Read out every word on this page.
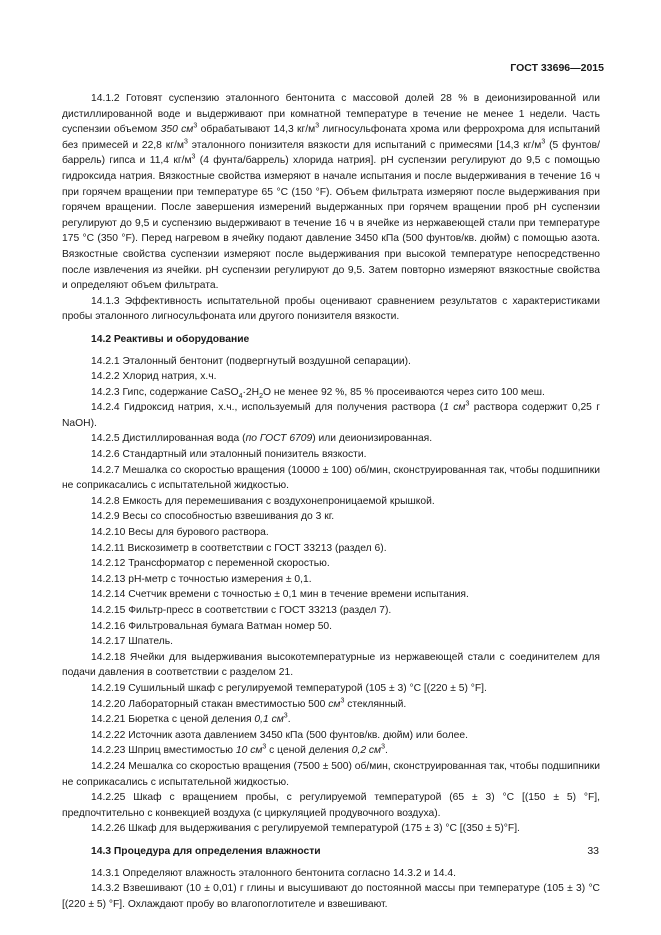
ГОСТ 33696—2015

14.1.2 Готовят суспензию эталонного бентонита с массовой долей 28 % в деионизированной или дистиллированной воде и выдерживают при комнатной температуре в течение не менее 1 недели. Часть суспензии объемом 350 $см^3$ обрабатывают 14,3 $кг/м^3$ лигносульфоната хрома или феррохрома для испытаний без примесей и 22,8 $кг/м^3$ эталонного понизителя вязкости для испытаний с примесями [14,3 $кг/м^3$ (5 фунтов/баррель) гипса и 11,4 $кг/м^3$ (4 фунта/баррель) хлорида натрия]. pH суспензии регулируют до 9,5 с помощью гидроксида натрия. Вязкостные свойства измеряют в начале испытания и после выдерживания в течение 16 ч при горячем вращении при температуре 65 °С (150 °F). Объем фильтрата измеряют после выдерживания при горячем вращении. После завершения измерений выдержанных при горячем вращении проб pH суспензии регулируют до 9,5 и суспензию выдерживают в течение 16 ч в ячейке из нержавеющей стали при температуре 175 °С (350 °F). Перед нагревом в ячейку подают давление 3450 кПа (500 фунтов/кв. дюйм) с помощью азота. Вязкостные свойства суспензии измеряют после выдерживания при высокой температуре непосредственно после извлечения из ячейки. pH суспензии регулируют до 9,5. Затем повторно измеряют вязкостные свойства и определяют объем фильтрата.

14.1.3 Эффективность испытательной пробы оценивают сравнением результатов с характеристиками пробы эталонного лигносульфоната или другого понизителя вязкости.

14.2 Реактивы и оборудование

14.2.1 Эталонный бентонит (подвергнутый воздушной сепарации).

14.2.2 Хлорид натрия, х.ч.

14.2.3 Гипс, содержание $CaSO_4\cdot 2H_2O$ не менее 92 %, 85 % просеиваются через сито 100 меш.

14.2.4 Гидроксид натрия, х.ч., используемый для получения раствора (1 $см^3$ раствора содержит 0,25 г NaOH).

14.2.5 Дистиллированная вода (по ГОСТ 6709) или деионизированная.

14.2.6 Стандартный или эталонный понизитель вязкости.

14.2.7 Мешалка со скоростью вращения (10000 ± 100) об/мин, сконструированная так, чтобы подшипники не соприкасались с испытательной жидкостью.

14.2.8 Емкость для перемешивания с воздухонепроницаемой крышкой.

14.2.9 Весы со способностью взвешивания до 3 кг.

14.2.10 Весы для бурового раствора.

14.2.11 Вискозиметр в соответствии с ГОСТ 33213 (раздел 6).

14.2.12 Трансформатор с переменной скоростью.

14.2.13 pH-метр с точностью измерения ± 0,1.

14.2.14 Счетчик времени с точностью ± 0,1 мин в течение времени испытания.

14.2.15 Фильтр-пресс в соответствии с ГОСТ 33213 (раздел 7).

14.2.16 Фильтровальная бумага Ватман номер 50.

14.2.17 Шпатель.

14.2.18 Ячейки для выдерживания высокотемпературные из нержавеющей стали с соединителем для подачи давления в соответствии с разделом 21.

14.2.19 Сушильный шкаф с регулируемой температурой (105 ± 3) °С [(220 ± 5) °F].

14.2.20 Лабораторный стакан вместимостью 500 $см^3$ стеклянный.

14.2.21 Бюретка с ценой деления 0,1 $см^3$.

14.2.22 Источник азота давлением 3450 кПа (500 фунтов/кв. дюйм) или более.

14.2.23 Шприц вместимостью 10 $см^3$ с ценой деления 0,2 $см^3$.

14.2.24 Мешалка со скоростью вращения (7500 ± 500) об/мин, сконструированная так, чтобы подшипники не соприкасались с испытательной жидкостью.

14.2.25 Шкаф с вращением пробы, с регулируемой температурой (65 ± 3) °С [(150 ± 5) °F], предпочтительно с конвекцией воздуха (с циркуляцией продувочного воздуха).

14.2.26 Шкаф для выдерживания с регулируемой температурой (175 ± 3) °С [(350 ± 5)°F].

14.3 Процедура для определения влажности

14.3.1 Определяют влажность эталонного бентонита согласно 14.3.2 и 14.4.

14.3.2 Взвешивают (10 ± 0,01) г глины и высушивают до постоянной массы при температуре (105 ± 3) °С [(220 ± 5) °F]. Охлаждают пробу во влагопоглотителе и взвешивают.

33
